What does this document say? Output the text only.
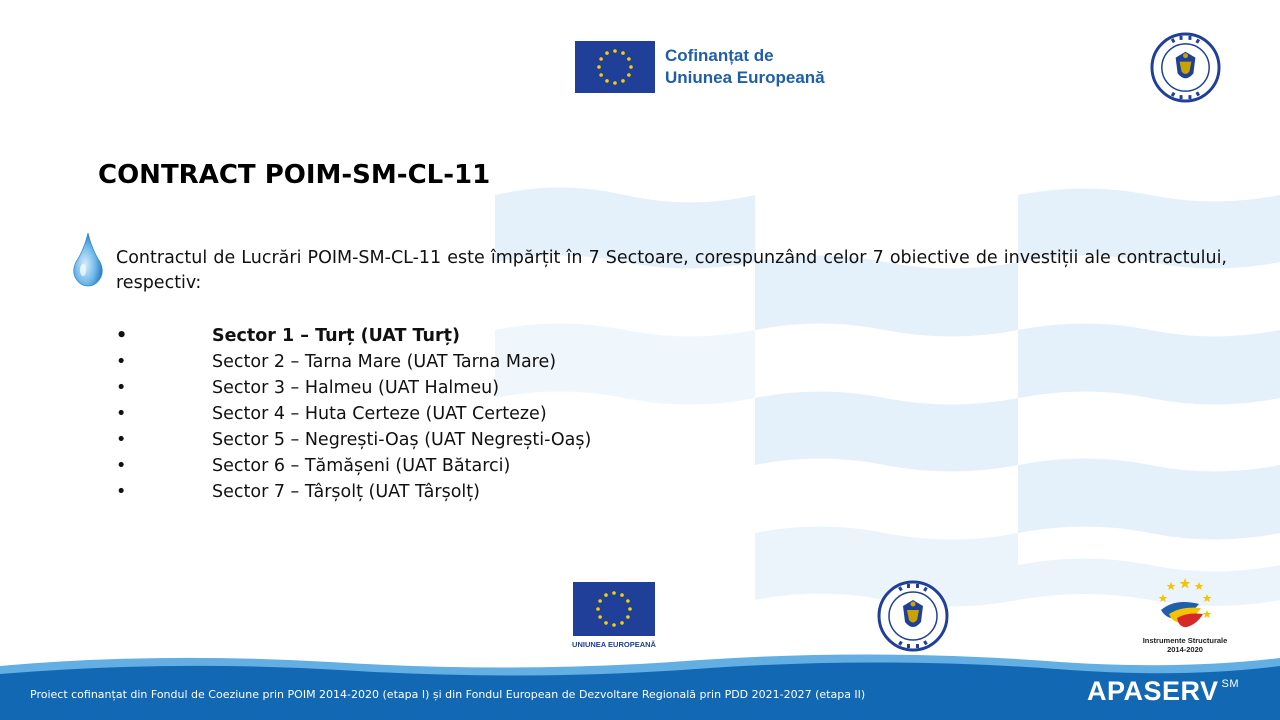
Cofinanțat de
Uniunea Europeană
CONTRACT POIM-SM-CL-11

Contractul de Lucrări POIM-SM-CL-11 este împărțit în 7 Sectoare, corespunzând celor 7 obiective de investiții ale contractului, respectiv:

•	Sector 1 – Turț (UAT Turț)
•	Sector 2 – Tarna Mare (UAT Tarna Mare)
•	Sector 3 – Halmeu (UAT Halmeu)
•	Sector 4 – Huta Certeze (UAT Certeze)
•	Sector 5 – Negrești-Oaș (UAT Negrești-Oaș)
•	Sector 6 – Tămășeni (UAT Bătarci)
•	Sector 7 – Târșolț (UAT Târșolț)
UNIUNEA EUROPEANĂ	Instrumente Structurale
2014-2020
Proiect cofinanțat din Fondul de Coeziune prin POIM 2014-2020 (etapa I) și din Fondul European de Dezvoltare Regională prin PDD 2021-2027 (etapa II)	APASERV ℠
